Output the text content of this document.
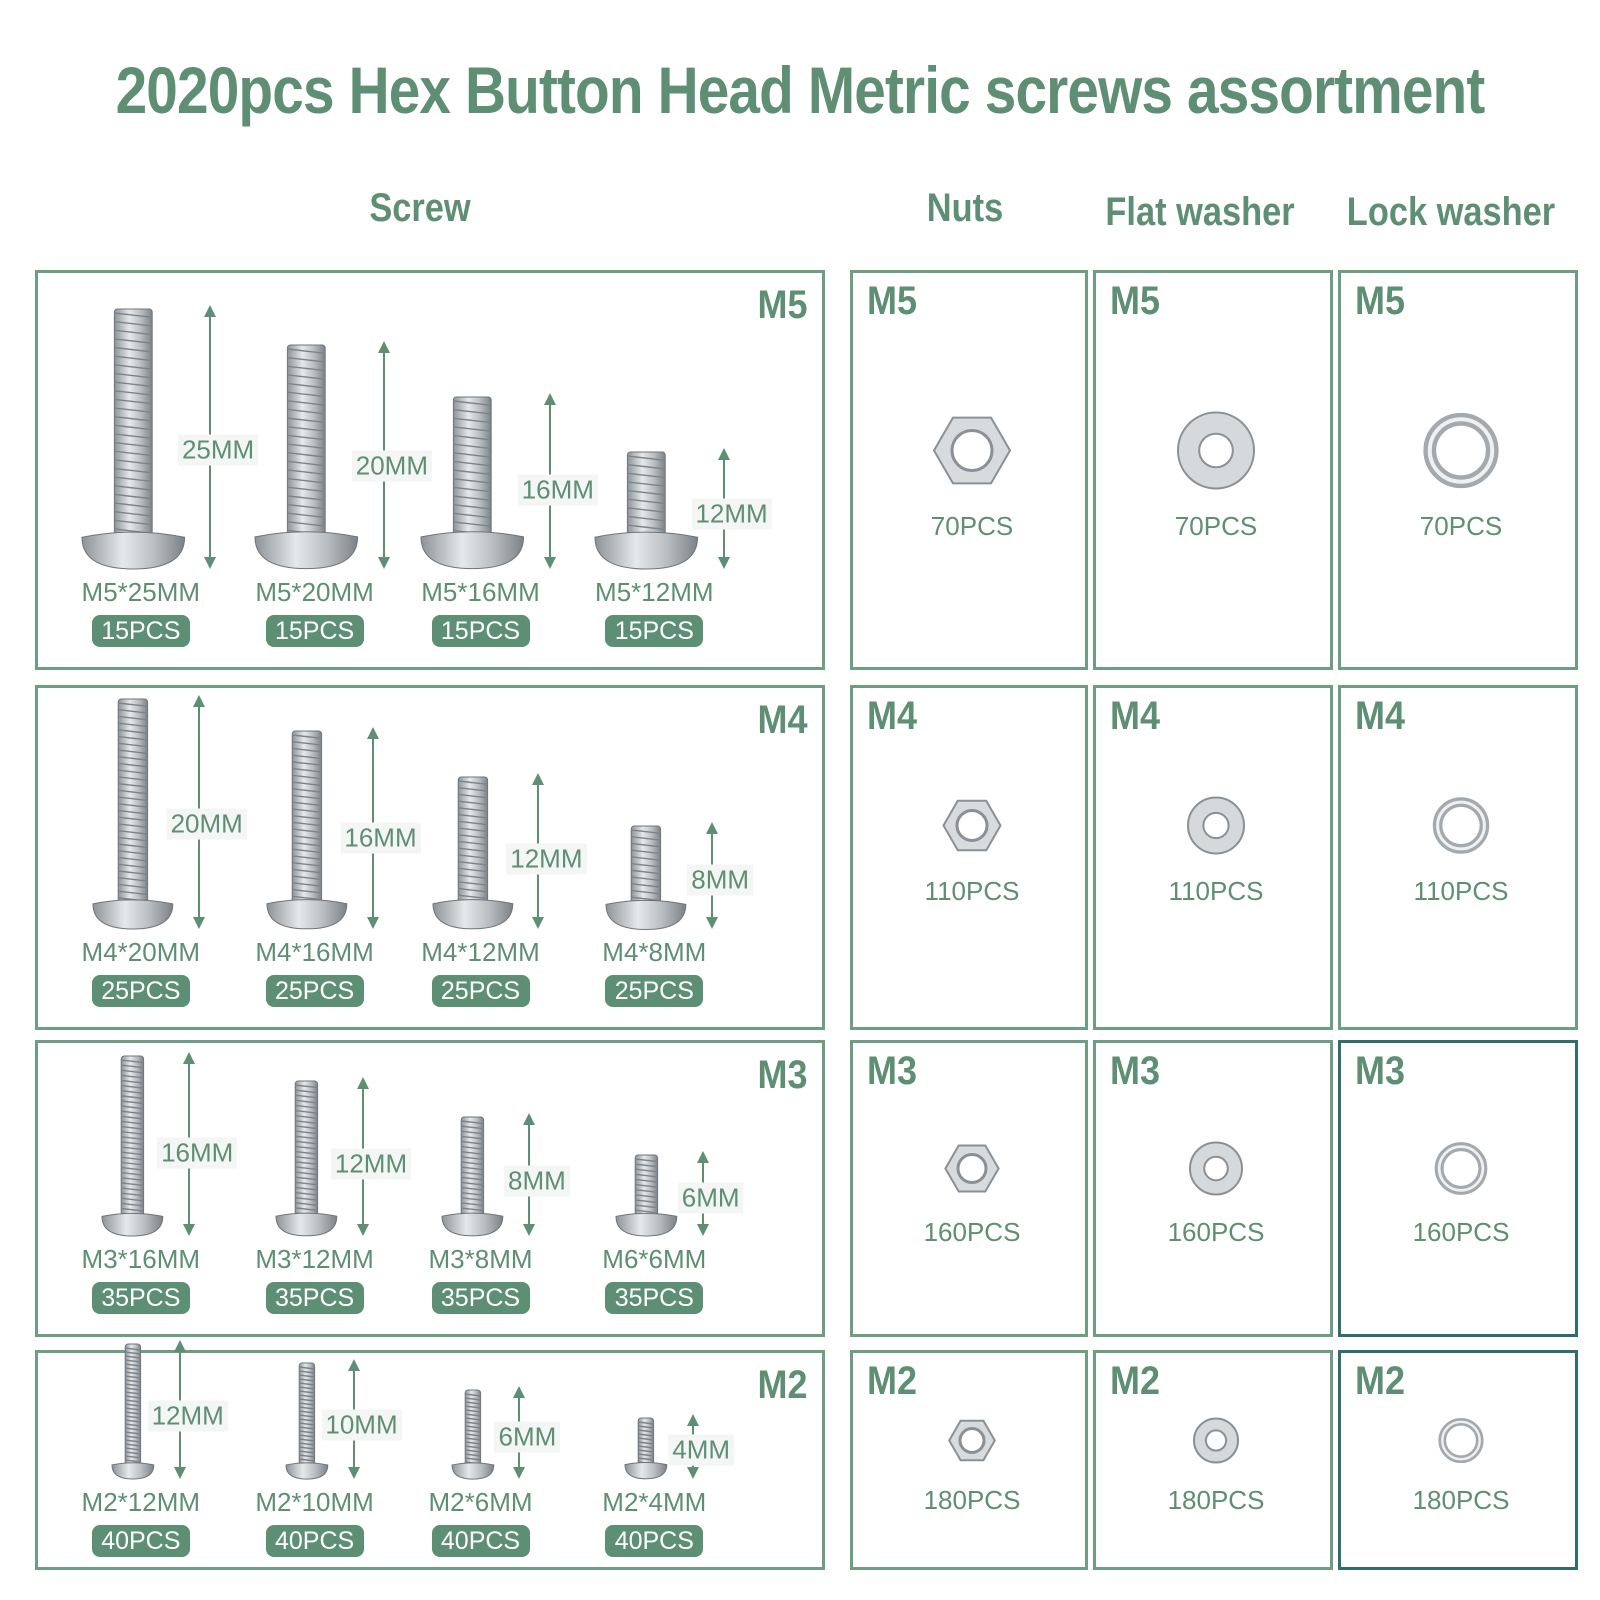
2020pcs Hex Button Head Metric screws assortment
Screw	Nuts	Flat washer Lock washer
M5
25MM
M5*25MM
15PCS
20MM
M5*20MM
15PCS
16MM
M5*16MM
15PCS
12MM
M5*12MM
15PCS
M5
70PCS
M5
70PCS
M5
70PCS
M4
20MM
M4*20MM
25PCS
16MM
M4*16MM
25PCS
12MM
M4*12MM
25PCS
8MM
M4*8MM
25PCS
M4
110PCS
M4
110PCS
M4
110PCS
M3
16MM
M3*16MM
35PCS
12MM
M3*12MM
35PCS
8MM
M3*8MM
35PCS
6MM
M6*6MM
35PCS
M3
160PCS
M3
160PCS
M3
160PCS
M2
12MM
M2*12MM
40PCS
10MM
M2*10MM
40PCS
6MM
M2*6MM
40PCS
4MM
M2*4MM
40PCS
M2
180PCS
M2
180PCS
M2
180PCS
